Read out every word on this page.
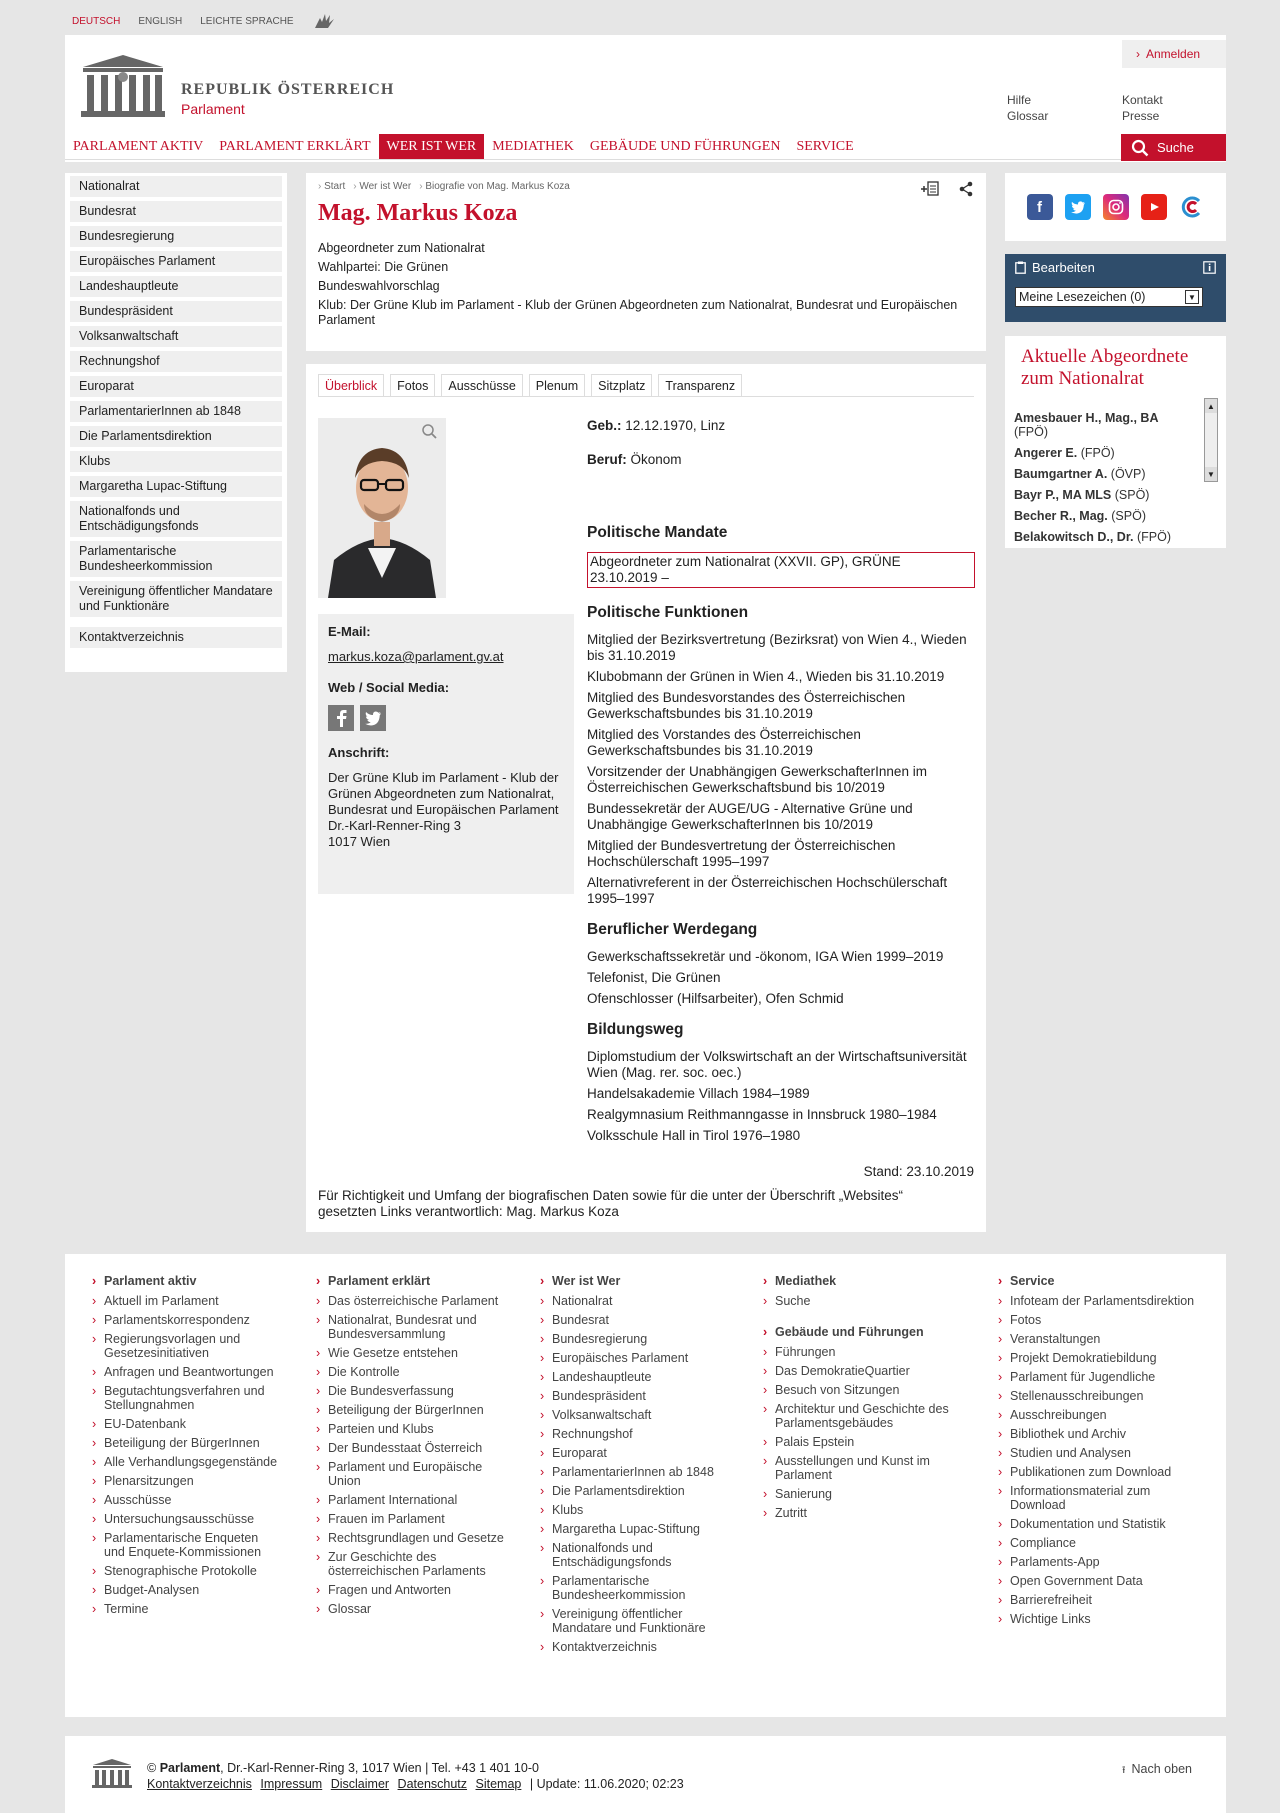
DEUTSCH ENGLISH LEICHTE SPRACHE
› Anmelden
REPUBLIK ÖSTERREICH
Parlament
Hilfe
Glossar
Kontakt
Presse
PARLAMENT AKTIV	PARLAMENT ERKLÄRT	WER IST WER	MEDIATHEK	GEBÄUDE UND FÜHRUNGEN	SERVICE	Suche
Nationalrat
Bundesrat
Bundesregierung
Europäisches Parlament
Landeshauptleute
Bundespräsident
Volksanwaltschaft
Rechnungshof
Europarat
ParlamentarierInnen ab 1848
Die Parlamentsdirektion
Klubs
Margaretha Lupac-Stiftung
Nationalfonds und Entschädigungsfonds
Parlamentarische Bundesheerkommission
Vereinigung öffentlicher Mandatare und Funktionäre
Kontaktverzeichnis
› Start	› Wer ist Wer	› Biografie von Mag. Markus Koza
Mag. Markus Koza
Abgeordneter zum Nationalrat
Wahlpartei: Die Grünen
Bundeswahlvorschlag
Klub: Der Grüne Klub im Parlament - Klub der Grünen Abgeordneten zum Nationalrat, Bundesrat und Europäischen Parlament
Überblick	Fotos	Ausschüsse	Plenum	Sitzplatz	Transparenz
E-Mail:
markus.koza@parlament.gv.at
Web / Social Media:
Anschrift:
Der Grüne Klub im Parlament - Klub der Grünen Abgeordneten zum Nationalrat, Bundesrat und Europäischen Parlament
Dr.-Karl-Renner-Ring 3
1017 Wien
Geb.: 12.12.1970, Linz
Beruf: Ökonom
Politische Mandate
Abgeordneter zum Nationalrat (XXVII. GP), GRÜNE
23.10.2019 –
Politische Funktionen
Mitglied der Bezirksvertretung (Bezirksrat) von Wien 4., Wieden bis 31.10.2019
Klubobmann der Grünen in Wien 4., Wieden bis 31.10.2019
Mitglied des Bundesvorstandes des Österreichischen Gewerkschaftsbundes bis 31.10.2019
Mitglied des Vorstandes des Österreichischen Gewerkschaftsbundes bis 31.10.2019
Vorsitzender der Unabhängigen GewerkschafterInnen im Österreichischen Gewerkschaftsbund bis 10/2019
Bundessekretär der AUGE/UG - Alternative Grüne und Unabhängige GewerkschafterInnen bis 10/2019
Mitglied der Bundesvertretung der Österreichischen Hochschülerschaft 1995–1997
Alternativreferent in der Österreichischen Hochschülerschaft 1995–1997
Beruflicher Werdegang
Gewerkschaftssekretär und -ökonom, IGA Wien 1999–2019
Telefonist, Die Grünen
Ofenschlosser (Hilfsarbeiter), Ofen Schmid
Bildungsweg
Diplomstudium der Volkswirtschaft an der Wirtschaftsuniversität Wien (Mag. rer. soc. oec.)
Handelsakademie Villach 1984–1989
Realgymnasium Reithmanngasse in Innsbruck 1980–1984
Volksschule Hall in Tirol 1976–1980
Stand: 23.10.2019
Für Richtigkeit und Umfang der biografischen Daten sowie für die unter der Überschrift „Websites“ gesetzten Links verantwortlich: Mag. Markus Koza
f
Bearbeiten
Meine Lesezeichen (0)	▼
Aktuelle Abgeordnete zum Nationalrat
Amesbauer H., Mag., BA
(FPÖ)
Angerer E. (FPÖ)
Baumgartner A. (ÖVP)
Bayr P., MA MLS (SPÖ)
Becher R., Mag. (SPÖ)
Belakowitsch D., Dr. (FPÖ)
▲
▼
› Parlament aktiv
› Aktuell im Parlament
› Parlamentskorrespondenz
› Regierungsvorlagen und Gesetzesinitiativen
› Anfragen und Beantwortungen
› Begutachtungsverfahren und Stellungnahmen
› EU-Datenbank
› Beteiligung der BürgerInnen
› Alle Verhandlungsgegenstände
› Plenarsitzungen
› Ausschüsse
› Untersuchungsausschüsse
› Parlamentarische Enqueten und Enquete-Kommissionen
› Stenographische Protokolle
› Budget-Analysen
› Termine
› Parlament erklärt
› Das österreichische Parlament
› Nationalrat, Bundesrat und Bundesversammlung
› Wie Gesetze entstehen
› Die Kontrolle
› Die Bundesverfassung
› Beteiligung der BürgerInnen
› Parteien und Klubs
› Der Bundesstaat Österreich
› Parlament und Europäische Union
› Parlament International
› Frauen im Parlament
› Rechtsgrundlagen und Gesetze
› Zur Geschichte des österreichischen Parlaments
› Fragen und Antworten
› Glossar
› Wer ist Wer
› Nationalrat
› Bundesrat
› Bundesregierung
› Europäisches Parlament
› Landeshauptleute
› Bundespräsident
› Volksanwaltschaft
› Rechnungshof
› Europarat
› ParlamentarierInnen ab 1848
› Die Parlamentsdirektion
› Klubs
› Margaretha Lupac-Stiftung
› Nationalfonds und Entschädigungsfonds
› Parlamentarische Bundesheerkommission
› Vereinigung öffentlicher Mandatare und Funktionäre
› Kontaktverzeichnis
› Mediathek
› Suche
› Gebäude und Führungen
› Führungen
› Das DemokratieQuartier
› Besuch von Sitzungen
› Architektur und Geschichte des Parlamentsgebäudes
› Palais Epstein
› Ausstellungen und Kunst im Parlament
› Sanierung
› Zutritt
› Service
› Infoteam der Parlamentsdirektion
› Fotos
› Veranstaltungen
› Projekt Demokratiebildung
› Parlament für Jugendliche
› Stellenausschreibungen
› Ausschreibungen
› Bibliothek und Archiv
› Studien und Analysen
› Publikationen zum Download
› Informationsmaterial zum Download
› Dokumentation und Statistik
› Compliance
› Parlaments-App
› Open Government Data
› Barrierefreiheit
› Wichtige Links
© Parlament, Dr.-Karl-Renner-Ring 3, 1017 Wien | Tel. +43 1 401 10-0
Kontaktverzeichnis Impressum Disclaimer Datenschutz Sitemap | Update: 11.06.2020; 02:23
⭱ Nach oben
